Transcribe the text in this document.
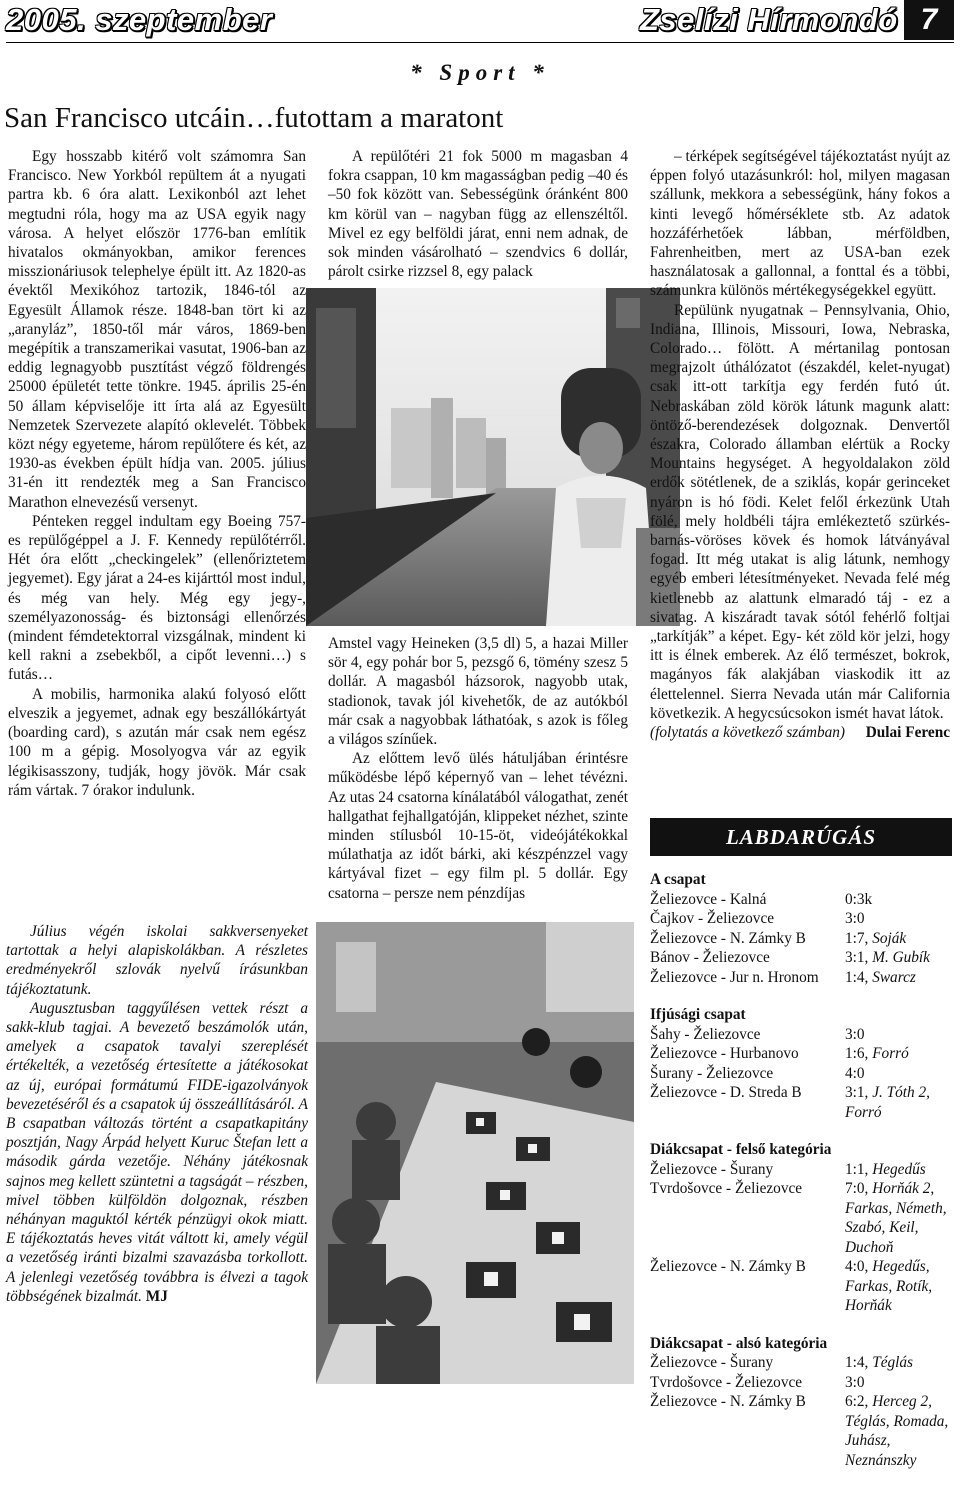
2005. szeptember	Zselízi Hírmondó 7
* Sport *
San Francisco utcáin…futottam a maratont

Egy hosszabb kitérő volt számomra San Francisco. New Yorkból repültem át a nyugati partra kb. 6 óra alatt. Lexikonból azt lehet megtudni róla, hogy ma az USA egyik nagy városa. A helyet először 1776-ban említik hivatalos okmányokban, amikor ferences misszionáriusok telephelye épült itt. Az 1820-as évektől Mexikóhoz tartozik, 1846-tól az Egyesült Államok része. 1848-ban tört ki az „aranyláz”, 1850-től már város, 1869-ben megépítik a transzamerikai vasutat, 1906-ban az eddig legnagyobb pusztítást végző földrengés 25000 épületét tette tönkre. 1945. április 25-én 50 állam képviselője itt írta alá az Egyesült Nemzetek Szervezete alapító oklevelét. Többek közt négy egyeteme, három repülőtere és két, az 1930-as években épült hídja van. 2005. július 31-én itt rendezték meg a San Francisco Marathon elnevezésű versenyt.

Pénteken reggel indultam egy Boeing 757-es repülőgéppel a J. F. Kennedy repülőtérről. Hét óra előtt „checkingelek” (ellenőriztetem jegyemet). Egy járat a 24-es kijárttól most indul, és még van hely. Még egy jegy-, személyazonosság- és biztonsági ellenőrzés (mindent fémdetektorral vizsgálnak, mindent ki kell rakni a zsebekből, a cipőt levenni…) s futás…

A mobilis, harmonika alakú folyosó előtt elveszik a jegyemet, adnak egy beszállókártyát (boarding card), s azután már csak nem egész 100 m a gépig. Mosolyogva vár az egyik légikisasszony, tudják, hogy jövök. Már csak rám vártak. 7 órakor indulunk.

A repülőtéri 21 fok 5000 m magasban 4 fokra csappan, 10 km magasságban pedig –40 és –50 fok között van. Sebességünk óránként 800 km körül van – nagyban függ az ellenszéltől. Mivel ez egy belföldi járat, enni nem adnak, de sok minden vásárolható – szendvics 6 dollár, párolt csirke rizzsel 8, egy palack

Amstel vagy Heineken (3,5 dl) 5, a hazai Miller sör 4, egy pohár bor 5, pezsgő 6, tömény szesz 5 dollár. A magasból házsorok, nagyobb utak, stadionok, tavak jól kivehetők, de az autókból már csak a nagyobbak láthatóak, s azok is főleg a világos színűek.

Az előttem levő ülés hátuljában érintésre működésbe lépő képernyő van – lehet tévézni. Az utas 24 csatorna kínálatából válogathat, zenét hallgathat fejhallgatóján, klippeket nézhet, szinte minden stílusból 10-15-öt, videójátékokkal múlathatja az időt bárki, aki készpénzzel vagy kártyával fizet – egy film pl. 5 dollár. Egy csatorna – persze nem pénzdíjas

– térképek segítségével tájékoztatást nyújt az éppen folyó utazásunkról: hol, milyen magasan szállunk, mekkora a sebességünk, hány fokos a kinti levegő hőmérséklete stb. Az adatok hozzáférhetőek lábban, mérföldben, Fahrenheitben, mert az USA-ban ezek használatosak a gallonnal, a fonttal és a többi, számunkra különös mértékegységekkel együtt.

Repülünk nyugatnak – Pennsylvania, Ohio, Indiana, Illinois, Missouri, Iowa, Nebraska, Colorado… fölött. A mértanilag pontosan megrajzolt úthálózatot (északdél, kelet-nyugat) csak itt-ott tarkítja egy ferdén futó út. Nebraskában zöld körök látunk magunk alatt: öntöző-berendezések dolgoznak. Denvertől északra, Colorado államban elértük a Rocky Mountains hegységet. A hegyoldalakon zöld erdők sötétlenek, de a sziklás, kopár gerinceket nyáron is hó födi. Kelet felől érkezünk Utah fölé, mely holdbéli tájra emlékeztető szürkés-barnás-vöröses kövek és homok látványával fogad. Itt még utakat is alig látunk, nemhogy egyéb emberi létesítményeket. Nevada felé még kietlenebb az alattunk elmaradó táj - ez a sivatag. A kiszáradt tavak sótól fehérlő foltjai „tarkítják” a képet. Egy- két zöld kör jelzi, hogy itt is élnek emberek. Az élő természet, bokrok, magányos fák alakjában viaskodik itt az élettelennel. Sierra Nevada után már California következik. A hegycsúcsokon ismét havat látok.

(folytatás a következő számban) Dulai Ferenc

Július végén iskolai sakkversenyeket tartottak a helyi alapiskolákban. A részletes eredményekről szlovák nyelvű írásunkban tájékoztatunk.

Augusztusban taggyűlésen vettek részt a sakk-klub tagjai. A bevezető beszámolók után, amelyek a csapatok tavalyi szereplését értékelték, a vezetőség értesítette a játékosokat az új, európai formátumú FIDE-igazolványok bevezetéséről és a csapatok új összeállításáról. A B csapatban változás történt a csapatkapitány posztján, Nagy Árpád helyett Kuruc Štefan lett a második gárda vezetője. Néhány játékosnak sajnos meg kellett szüntetni a tagságát – részben, mivel többen külföldön dolgoznak, részben néhányan maguktól kérték pénzügyi okok miatt. E tájékoztatás heves vitát váltott ki, amely végül a vezetőség iránti bizalmi szavazásba torkollott. A jelenlegi vezetőség továbbra is élvezi a tagok többségének bizalmát. MJ

LABDARÚGÁS
A csapat
Želiezovce - Kalná	0:3k
Čajkov - Želiezovce	3:0
Želiezovce - N. Zámky B	1:7, Soják
Bánov - Želiezovce	3:1, M. Gubík
Želiezovce - Jur n. Hronom	1:4, Swarcz
Ifjúsági csapat
Šahy - Želiezovce	3:0
Želiezovce - Hurbanovo	1:6, Forró
Šurany - Želiezovce	4:0
Želiezovce - D. Streda B	3:1, J. Tóth 2, Forró
Diákcsapat - felső kategória
Želiezovce - Šurany	1:1, Hegedűs
Tvrdošovce - Želiezovce	7:0, Horňák 2, Farkas, Németh, Szabó, Keil, Duchoň
Želiezovce - N. Zámky B	4:0, Hegedűs, Farkas, Rotík, Horňák
Diákcsapat - alsó kategória
Želiezovce - Šurany	1:4, Téglás
Tvrdošovce - Želiezovce	3:0
Želiezovce - N. Zámky B	6:2, Herceg 2, Téglás, Romada, Juhász, Neznánszky
